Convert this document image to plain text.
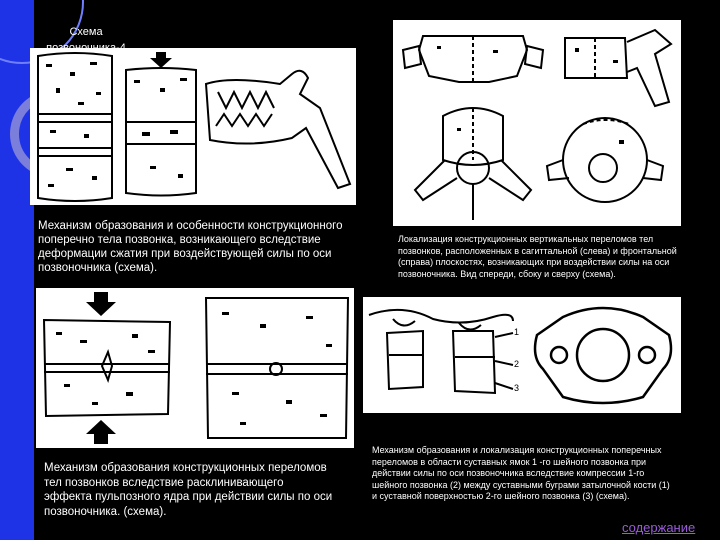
Схема
Механизм образования и особенности конструкционного поперечно тела позвонка, возникающего вследствие деформации сжатия при воздействующей силы по оси позвоночника (схема).
Локализация конструкционных вертикальных переломов тел позвонков, расположенных в сагиттальной (слева) и фронтальной (справа) плоскостях, возникающих при воздействии силы на оси позвоночника. Вид спереди, сбоку и сверху (схема).
1
2
3
Механизм образования конструкционных переломов тел позвонков вследствие расклинивающего эффекта пульпозного ядра при действии силы по оси позвоночника. (схема).
Механизм образования и локализация конструкционных поперечных переломов в области суставных ямок 1 -го шейного позвонка при действии силы по оси позвоночника вследствие компрессии 1-го шейного позвонка (2) между суставными буграми затылочной кости (1) и суставной поверхностью 2-го шейного позвонка (3) (схема).
содержание
